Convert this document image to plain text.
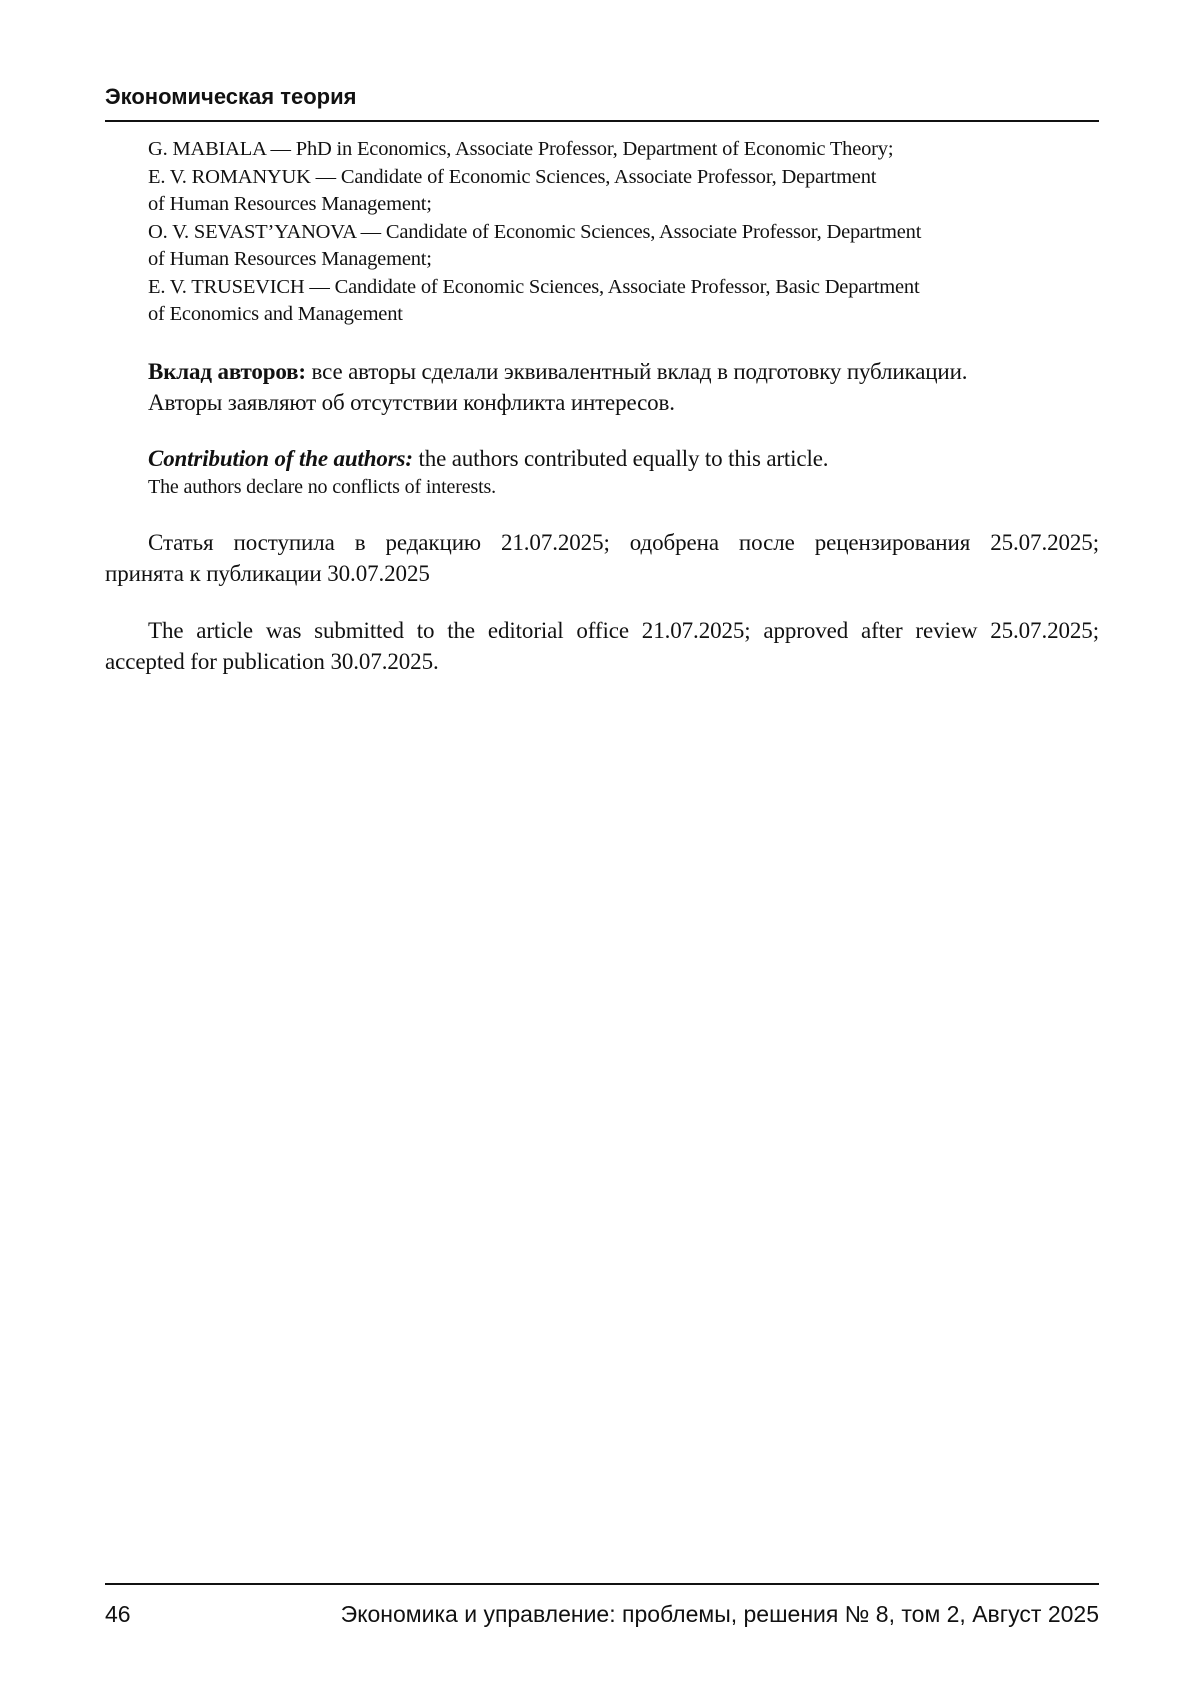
Экономическая теория
G. MABIALA — PhD in Economics, Associate Professor, Department of Economic Theory;
E. V. ROMANYUK — Candidate of Economic Sciences, Associate Professor, Department
of Human Resources Management;
O. V. SEVAST’YANOVA — Candidate of Economic Sciences, Associate Professor, Department
of Human Resources Management;
E. V. TRUSEVICH — Candidate of Economic Sciences, Associate Professor, Basic Department
of Economics and Management
Вклад авторов: все авторы сделали эквивалентный вклад в подготовку публикации.
Авторы заявляют об отсутствии конфликта интересов.
Contribution of the authors: the authors contributed equally to this article.
The authors declare no conflicts of interests.
Статья поступила в редакцию 21.07.2025; одобрена после рецензирования 25.07.2025;
принята к публикации 30.07.2025
The article was submitted to the editorial office 21.07.2025; approved after review 25.07.2025;
accepted for publication 30.07.2025.
46	Экономика и управление: проблемы, решения № 8, том 2, Август 2025
